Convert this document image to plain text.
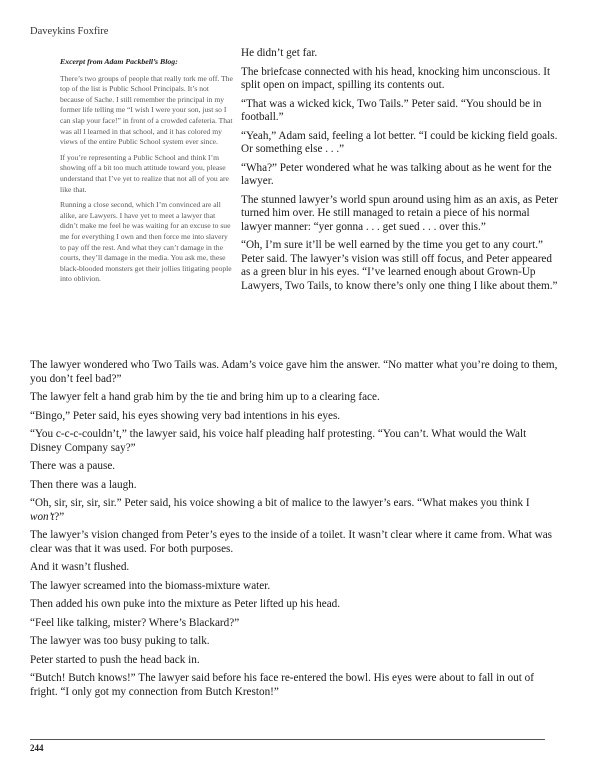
Daveykins Foxfire

Excerpt from Adam Packbell’s Blog:

There’s two groups of people that really tork me off. The top of the list is Public School Principals. It’s not because of Sache. I still remember the principal in my former life telling me “I wish I were your son, just so I can slap your face!” in front of a crowded cafeteria. That was all I learned in that school, and it has colored my views of the entire Public School system ever since.

If you’re representing a Public School and think I’m showing off a bit too much attitude toward you, please understand that I’ve yet to realize that not all of you are like that.

Running a close second, which I’m convinced are all alike, are Lawyers. I have yet to meet a lawyer that didn’t make me feel he was waiting for an excuse to sue me for everything I own and then force me into slavery to pay off the rest. And what they can’t damage in the courts, they’ll damage in the media. You ask me, these black-blooded monsters get their jollies litigating people into oblivion.

He didn’t get far.

The briefcase connected with his head, knocking him unconscious. It split open on impact, spilling its contents out.

“That was a wicked kick, Two Tails.” Peter said. “You should be in football.”

“Yeah,” Adam said, feeling a lot better. “I could be kicking field goals. Or something else . . .”

“Wha?” Peter wondered what he was talking about as he went for the lawyer.

The stunned lawyer’s world spun around using him as an axis, as Peter turned him over. He still managed to retain a piece of his normal lawyer manner: “yer gonna . . . get sued . . . over this.”

“Oh, I’m sure it’ll be well earned by the time you get to any court.” Peter said. The lawyer’s vision was still off focus, and Peter appeared as a green blur in his eyes. “I’ve learned enough about Grown-Up Lawyers, Two Tails, to know there’s only one thing I like about them.”

The lawyer wondered who Two Tails was. Adam’s voice gave him the answer. “No matter what you’re doing to them, you don’t feel bad?”

The lawyer felt a hand grab him by the tie and bring him up to a clearing face.

“Bingo,” Peter said, his eyes showing very bad intentions in his eyes.

“You c-c-c-couldn’t,” the lawyer said, his voice half pleading half protesting. “You can’t. What would the Walt Disney Company say?”

There was a pause.

Then there was a laugh.

“Oh, sir, sir, sir, sir.” Peter said, his voice showing a bit of malice to the lawyer’s ears. “What makes you think I won’t?”

The lawyer’s vision changed from Peter’s eyes to the inside of a toilet. It wasn’t clear where it came from. What was clear was that it was used. For both purposes.

And it wasn’t flushed.

The lawyer screamed into the biomass-mixture water.

Then added his own puke into the mixture as Peter lifted up his head.

“Feel like talking, mister? Where’s Blackard?”

The lawyer was too busy puking to talk.

Peter started to push the head back in.

“Butch! Butch knows!” The lawyer said before his face re-entered the bowl. His eyes were about to fall in out of fright. “I only got my connection from Butch Kreston!”

244
